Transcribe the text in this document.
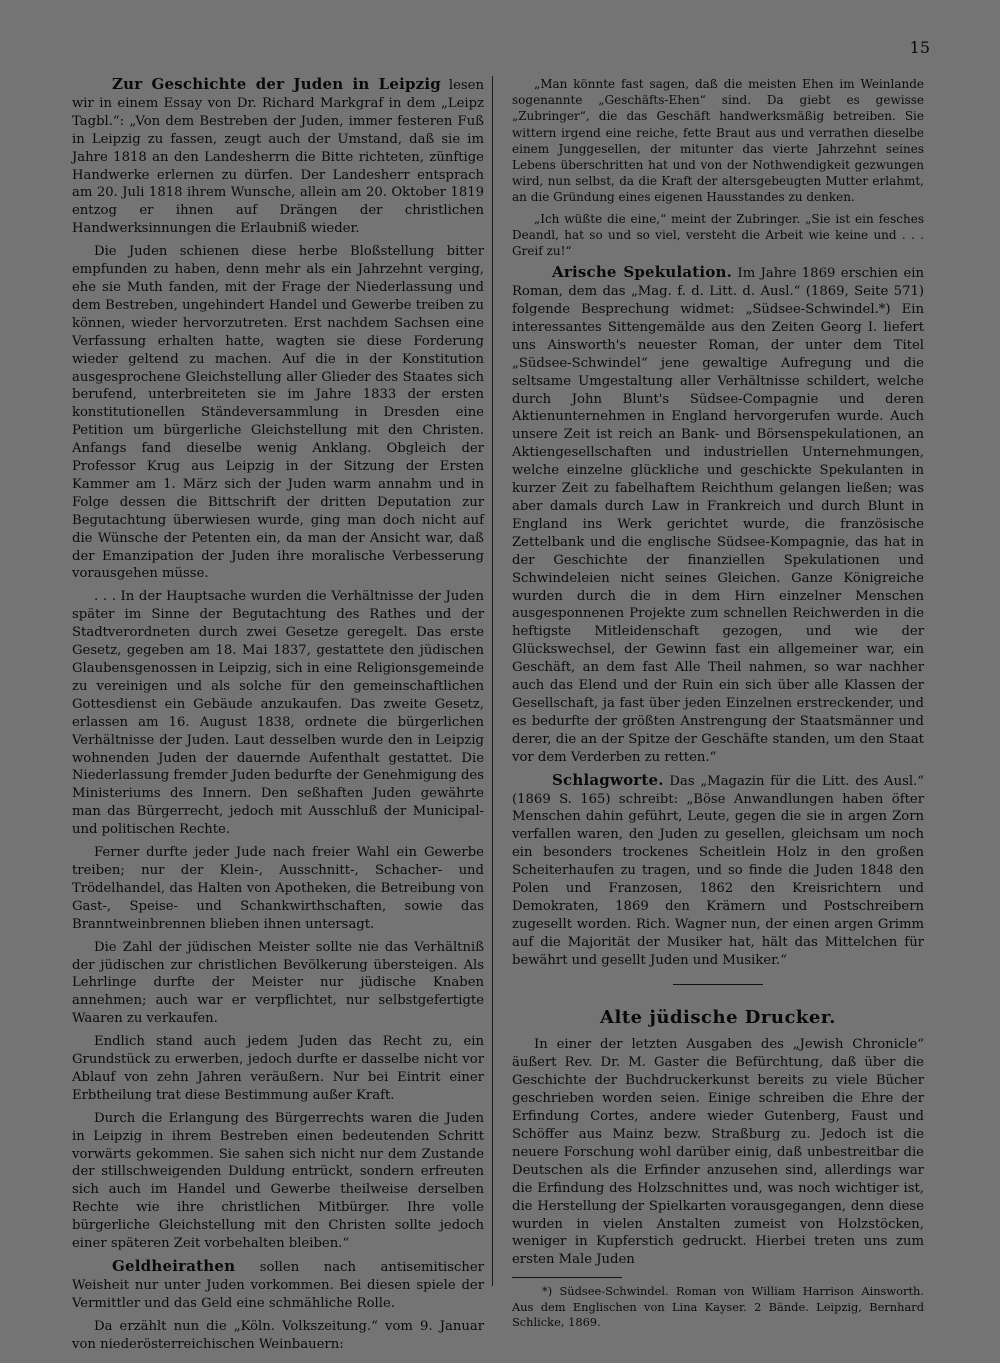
15

Zur Geschichte der Juden in Leipzig lesen wir in einem Essay von Dr. Richard Markgraf in dem „Leipz Tagbl.“: „Von dem Bestreben der Juden, immer festeren Fuß in Leipzig zu fassen, zeugt auch der Umstand, daß sie im Jahre 1818 an den Landesherrn die Bitte richteten, zünftige Handwerke erlernen zu dürfen. Der Landesherr entsprach am 20. Juli 1818 ihrem Wunsche, allein am 20. Oktober 1819 entzog er ihnen auf Drängen der christlichen Handwerksinnungen die Erlaubniß wieder.

Die Juden schienen diese herbe Bloßstellung bitter empfunden zu haben, denn mehr als ein Jahrzehnt verging, ehe sie Muth fanden, mit der Frage der Niederlassung und dem Bestreben, ungehindert Handel und Gewerbe treiben zu können, wieder hervorzutreten. Erst nachdem Sachsen eine Verfassung erhalten hatte, wagten sie diese Forderung wieder geltend zu machen. Auf die in der Konstitution ausgesprochene Gleichstellung aller Glieder des Staates sich berufend, unterbreiteten sie im Jahre 1833 der ersten konstitutionellen Ständeversammlung in Dresden eine Petition um bürgerliche Gleichstellung mit den Christen. Anfangs fand dieselbe wenig Anklang. Obgleich der Professor Krug aus Leipzig in der Sitzung der Ersten Kammer am 1. März sich der Juden warm annahm und in Folge dessen die Bittschrift der dritten Deputation zur Begutachtung überwiesen wurde, ging man doch nicht auf die Wünsche der Petenten ein, da man der Ansicht war, daß der Emanzipation der Juden ihre moralische Verbesserung vorausgehen müsse.

. . . In der Hauptsache wurden die Verhältnisse der Juden später im Sinne der Begutachtung des Rathes und der Stadtverordneten durch zwei Gesetze geregelt. Das erste Gesetz, gegeben am 18. Mai 1837, gestattete den jüdischen Glaubensgenossen in Leipzig, sich in eine Religionsgemeinde zu vereinigen und als solche für den gemeinschaftlichen Gottesdienst ein Gebäude anzukaufen. Das zweite Gesetz, erlassen am 16. August 1838, ordnete die bürgerlichen Verhältnisse der Juden. Laut desselben wurde den in Leipzig wohnenden Juden der dauernde Aufenthalt gestattet. Die Niederlassung fremder Juden bedurfte der Genehmigung des Ministeriums des Innern. Den seßhaften Juden gewährte man das Bürgerrecht, jedoch mit Ausschluß der Municipal- und politischen Rechte.

Ferner durfte jeder Jude nach freier Wahl ein Gewerbe treiben; nur der Klein-, Ausschnitt-, Schacher- und Trödelhandel, das Halten von Apotheken, die Betreibung von Gast-, Speise- und Schankwirthschaften, sowie das Branntweinbrennen blieben ihnen untersagt.

Die Zahl der jüdischen Meister sollte nie das Verhältniß der jüdischen zur christlichen Bevölkerung übersteigen. Als Lehrlinge durfte der Meister nur jüdische Knaben annehmen; auch war er verpflichtet, nur selbstgefertigte Waaren zu verkaufen.

Endlich stand auch jedem Juden das Recht zu, ein Grundstück zu erwerben, jedoch durfte er dasselbe nicht vor Ablauf von zehn Jahren veräußern. Nur bei Eintrit einer Erbtheilung trat diese Bestimmung außer Kraft.

Durch die Erlangung des Bürgerrechts waren die Juden in Leipzig in ihrem Bestreben einen bedeutenden Schritt vorwärts gekommen. Sie sahen sich nicht nur dem Zustande der stillschweigenden Duldung entrückt, sondern erfreuten sich auch im Handel und Gewerbe theilweise derselben Rechte wie ihre christlichen Mitbürger. Ihre volle bürgerliche Gleichstellung mit den Christen sollte jedoch einer späteren Zeit vorbehalten bleiben.“

Geldheirathen sollen nach antisemitischer Weisheit nur unter Juden vorkommen. Bei diesen spiele der Vermittler und das Geld eine schmähliche Rolle.

Da erzählt nun die „Köln. Volkszeitung.“ vom 9. Januar von niederösterreichischen Weinbauern:

„Man könnte fast sagen, daß die meisten Ehen im Weinlande sogenannte „Geschäfts-Ehen“ sind. Da giebt es gewisse „Zubringer“, die das Geschäft handwerksmäßig betreiben. Sie wittern irgend eine reiche, fette Braut aus und verrathen dieselbe einem Junggesellen, der mitunter das vierte Jahrzehnt seines Lebens überschritten hat und von der Nothwendigkeit gezwungen wird, nun selbst, da die Kraft der altersgebeugten Mutter erlahmt, an die Gründung eines eigenen Hausstandes zu denken.

„Ich wüßte die eine,“ meint der Zubringer. „Sie ist ein fesches Deandl, hat so und so viel, versteht die Arbeit wie keine und . . . Greif zu!“

Arische Spekulation. Im Jahre 1869 erschien ein Roman, dem das „Mag. f. d. Litt. d. Ausl.“ (1869, Seite 571) folgende Besprechung widmet: „Südsee-Schwindel.*) Ein interessantes Sittengemälde aus den Zeiten Georg I. liefert uns Ainsworth's neuester Roman, der unter dem Titel „Südsee-Schwindel“ jene gewaltige Aufregung und die seltsame Umgestaltung aller Verhältnisse schildert, welche durch John Blunt's Südsee-Compagnie und deren Aktienunternehmen in England hervorgerufen wurde. Auch unsere Zeit ist reich an Bank- und Börsenspekulationen, an Aktiengesellschaften und industriellen Unternehmungen, welche einzelne glückliche und geschickte Spekulanten in kurzer Zeit zu fabelhaftem Reichthum gelangen ließen; was aber damals durch Law in Frankreich und durch Blunt in England ins Werk gerichtet wurde, die französische Zettelbank und die englische Südsee-Kompagnie, das hat in der Geschichte der finanziellen Spekulationen und Schwindeleien nicht seines Gleichen. Ganze Königreiche wurden durch die in dem Hirn einzelner Menschen ausgesponnenen Projekte zum schnellen Reichwerden in die heftigste Mitleidenschaft gezogen, und wie der Glückswechsel, der Gewinn fast ein allgemeiner war, ein Geschäft, an dem fast Alle Theil nahmen, so war nachher auch das Elend und der Ruin ein sich über alle Klassen der Gesellschaft, ja fast über jeden Einzelnen erstreckender, und es bedurfte der größten Anstrengung der Staatsmänner und derer, die an der Spitze der Geschäfte standen, um den Staat vor dem Verderben zu retten.“

Schlagworte. Das „Magazin für die Litt. des Ausl.“ (1869 S. 165) schreibt: „Böse Anwandlungen haben öfter Menschen dahin geführt, Leute, gegen die sie in argen Zorn verfallen waren, den Juden zu gesellen, gleichsam um noch ein besonders trockenes Scheitlein Holz in den großen Scheiterhaufen zu tragen, und so finde die Juden 1848 den Polen und Franzosen, 1862 den Kreisrichtern und Demokraten, 1869 den Krämern und Postschreibern zugesellt worden. Rich. Wagner nun, der einen argen Grimm auf die Majorität der Musiker hat, hält das Mittelchen für bewährt und gesellt Juden und Musiker.“

Alte jüdische Drucker.

In einer der letzten Ausgaben des „Jewish Chronicle“ äußert Rev. Dr. M. Gaster die Befürchtung, daß über die Geschichte der Buchdruckerkunst bereits zu viele Bücher geschrieben worden seien. Einige schreiben die Ehre der Erfindung Cortes, andere wieder Gutenberg, Faust und Schöffer aus Mainz bezw. Straßburg zu. Jedoch ist die neuere Forschung wohl darüber einig, daß unbestreitbar die Deutschen als die Erfinder anzusehen sind, allerdings war die Erfindung des Holzschnittes und, was noch wichtiger ist, die Herstellung der Spielkarten vorausgegangen, denn diese wurden in vielen Anstalten zumeist von Holzstöcken, weniger in Kupferstich gedruckt. Hierbei treten uns zum ersten Male Juden

*) Südsee-Schwindel. Roman von William Harrison Ainsworth. Aus dem Englischen von Lina Kayser. 2 Bände. Leipzig, Bernhard Schlicke, 1869.
